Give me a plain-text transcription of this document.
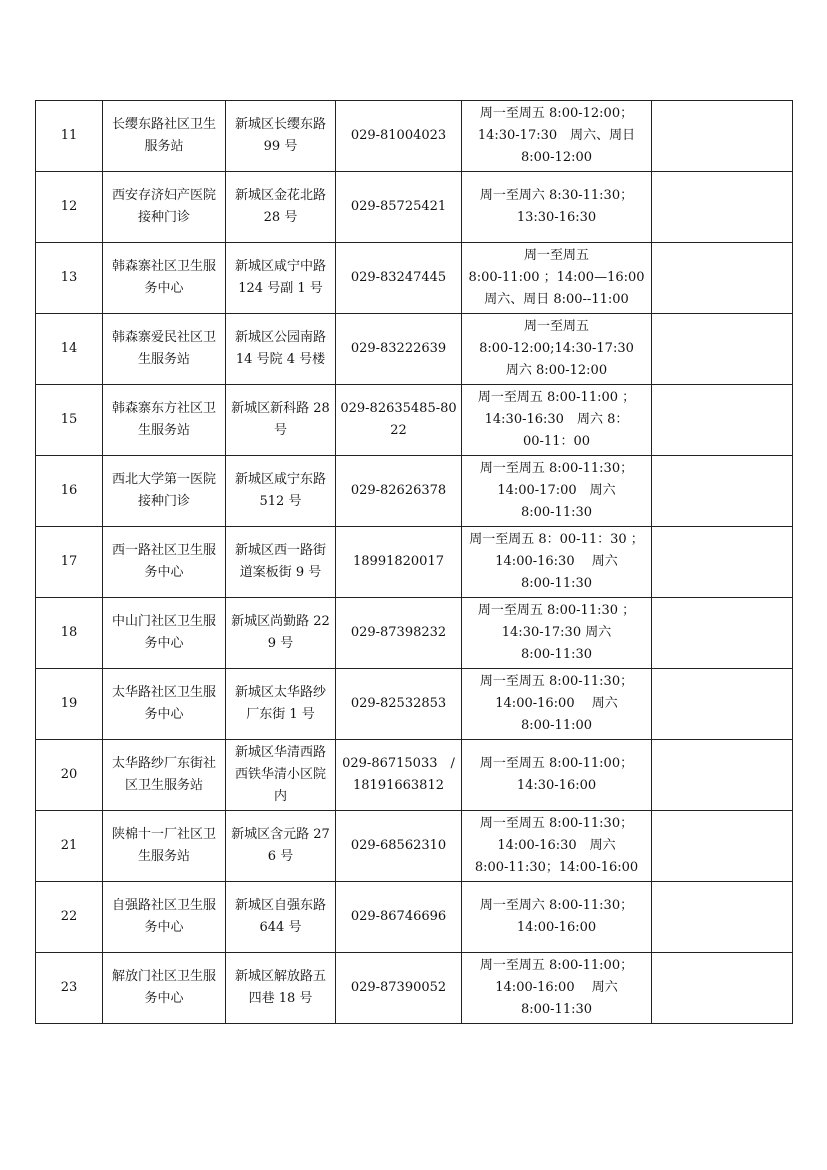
11	长缨东路社区卫生服务站	新城区长缨东路 99 号	029-81004023	周一至周五 8:00-12:00；
14:30-17:30　周六、周日
8:00-12:00	
12	西安存济妇产医院接种门诊	新城区金花北路 28 号	029-85725421	周一至周六 8:30-11:30；
13:30-16:30	
13	韩森寨社区卫生服务中心	新城区咸宁中路 124 号副 1 号	029-83247445	周一至周五
8:00-11:00 ；14:00—16:00
周六、周日 8:00--11:00	
14	韩森寨爱民社区卫生服务站	新城区公园南路 14 号院 4 号楼	029-83222639	周一至周五
8:00-12:00;14:30-17:30
周六 8:00-12:00	
15	韩森寨东方社区卫生服务站	新城区新科路 28 号	029-82635485-8022	周一至周五 8:00-11:00 ；
14:30-16:30　周六 8：
00-11：00	
16	西北大学第一医院接种门诊	新城区咸宁东路 512 号	029-82626378	周一至周五 8:00-11:30；
14:00-17:00　周六
8:00-11:30	
17	西一路社区卫生服务中心	新城区西一路街道案板街 9 号	18991820017	周一至周五 8：00-11：30 ；
14:00-16:30　 周六
8:00-11:30	
18	中山门社区卫生服务中心	新城区尚勤路 229 号	029-87398232	周一至周五 8:00-11:30 ；
14:30-17:30 周六
8:00-11:30	
19	太华路社区卫生服务中心	新城区太华路纱厂东街 1 号	029-82532853	周一至周五 8:00-11:30；
14:00-16:00　 周六
8:00-11:00	
20	太华路纱厂东街社区卫生服务站	新城区华清西路西铁华清小区院内	029-86715033　/
18191663812	周一至周五 8:00-11:00；
14:30-16:00	
21	陕棉十一厂社区卫生服务站	新城区含元路 276 号	029-68562310	周一至周五 8:00-11:30；
14:00-16:30　周六
8:00-11:30；14:00-16:00	
22	自强路社区卫生服务中心	新城区自强东路 644 号	029-86746696	周一至周六 8:00-11:30；
14:00-16:00	
23	解放门社区卫生服务中心	新城区解放路五四巷 18 号	029-87390052	周一至周五 8:00-11:00；
14:00-16:00　 周六
8:00-11:30	
